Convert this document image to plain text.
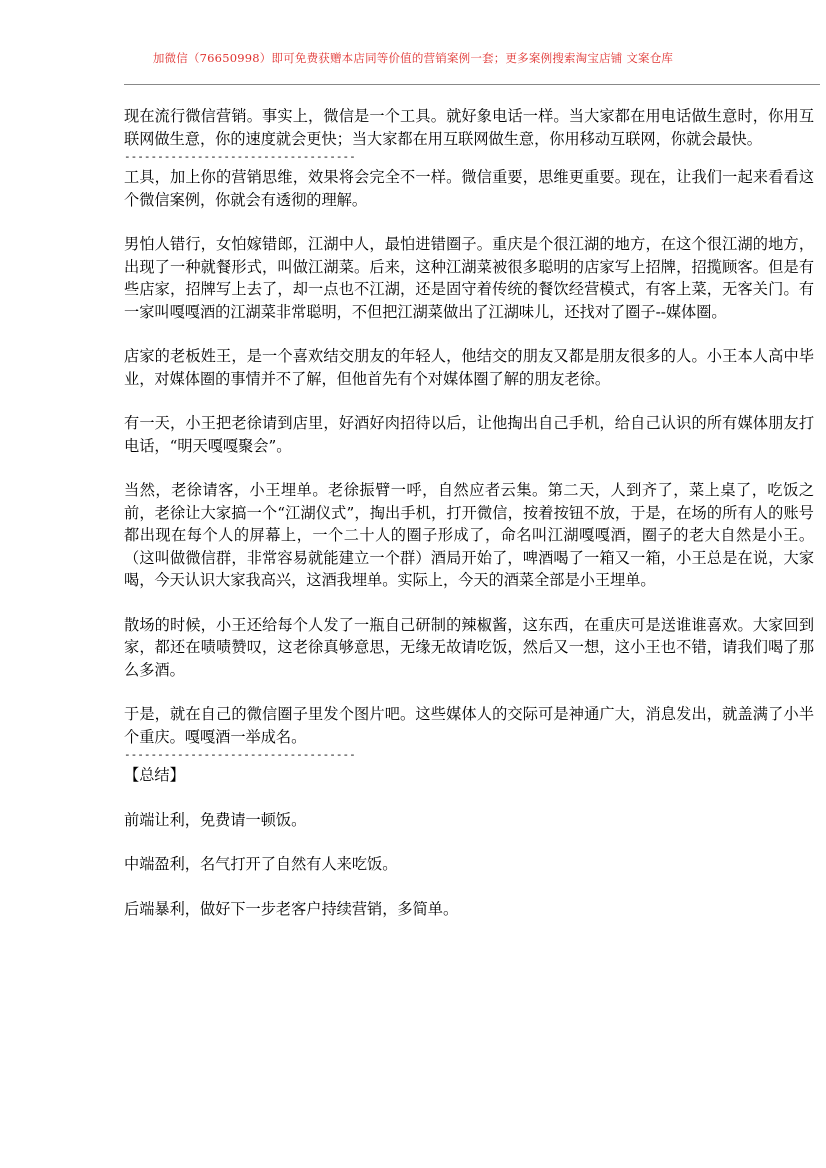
加微信（76650998）即可免费获赠本店同等价值的营销案例一套；更多案例搜索淘宝店铺 文案仓库

现在流行微信营销。事实上，微信是一个工具。就好象电话一样。当大家都在用电话做生意时，你用互联网做生意，你的速度就会更快；当大家都在用互联网做生意，你用移动互联网，你就会最快。

-----------------------------------

工具，加上你的营销思维，效果将会完全不一样。微信重要，思维更重要。现在，让我们一起来看看这个微信案例，你就会有透彻的理解。

男怕人错行，女怕嫁错郎，江湖中人，最怕进错圈子。重庆是个很江湖的地方，在这个很江湖的地方，出现了一种就餐形式，叫做江湖菜。后来，这种江湖菜被很多聪明的店家写上招牌，招揽顾客。但是有些店家，招牌写上去了，却一点也不江湖，还是固守着传统的餐饮经营模式，有客上菜，无客关门。有一家叫嘎嘎酒的江湖菜非常聪明，不但把江湖菜做出了江湖味儿，还找对了圈子--媒体圈。

店家的老板姓王，是一个喜欢结交朋友的年轻人，他结交的朋友又都是朋友很多的人。小王本人高中毕业，对媒体圈的事情并不了解，但他首先有个对媒体圈了解的朋友老徐。

有一天，小王把老徐请到店里，好酒好肉招待以后，让他掏出自己手机，给自己认识的所有媒体朋友打电话，“明天嘎嘎聚会”。

当然，老徐请客，小王埋单。老徐振臂一呼，自然应者云集。第二天，人到齐了，菜上桌了，吃饭之前，老徐让大家搞一个“江湖仪式”，掏出手机，打开微信，按着按钮不放，于是，在场的所有人的账号都出现在每个人的屏幕上，一个二十人的圈子形成了，命名叫江湖嘎嘎酒，圈子的老大自然是小王。（这叫做微信群，非常容易就能建立一个群）酒局开始了，啤酒喝了一箱又一箱，小王总是在说，大家喝，今天认识大家我高兴，这酒我埋单。实际上，今天的酒菜全部是小王埋单。

散场的时候，小王还给每个人发了一瓶自己研制的辣椒酱，这东西，在重庆可是送谁谁喜欢。大家回到家，都还在啧啧赞叹，这老徐真够意思，无缘无故请吃饭，然后又一想，这小王也不错，请我们喝了那么多酒。

于是，就在自己的微信圈子里发个图片吧。这些媒体人的交际可是神通广大，消息发出，就盖满了小半个重庆。嘎嘎酒一举成名。

-----------------------------------

【总结】

前端让利，免费请一顿饭。

中端盈利，名气打开了自然有人来吃饭。

后端暴利，做好下一步老客户持续营销，多简单。
